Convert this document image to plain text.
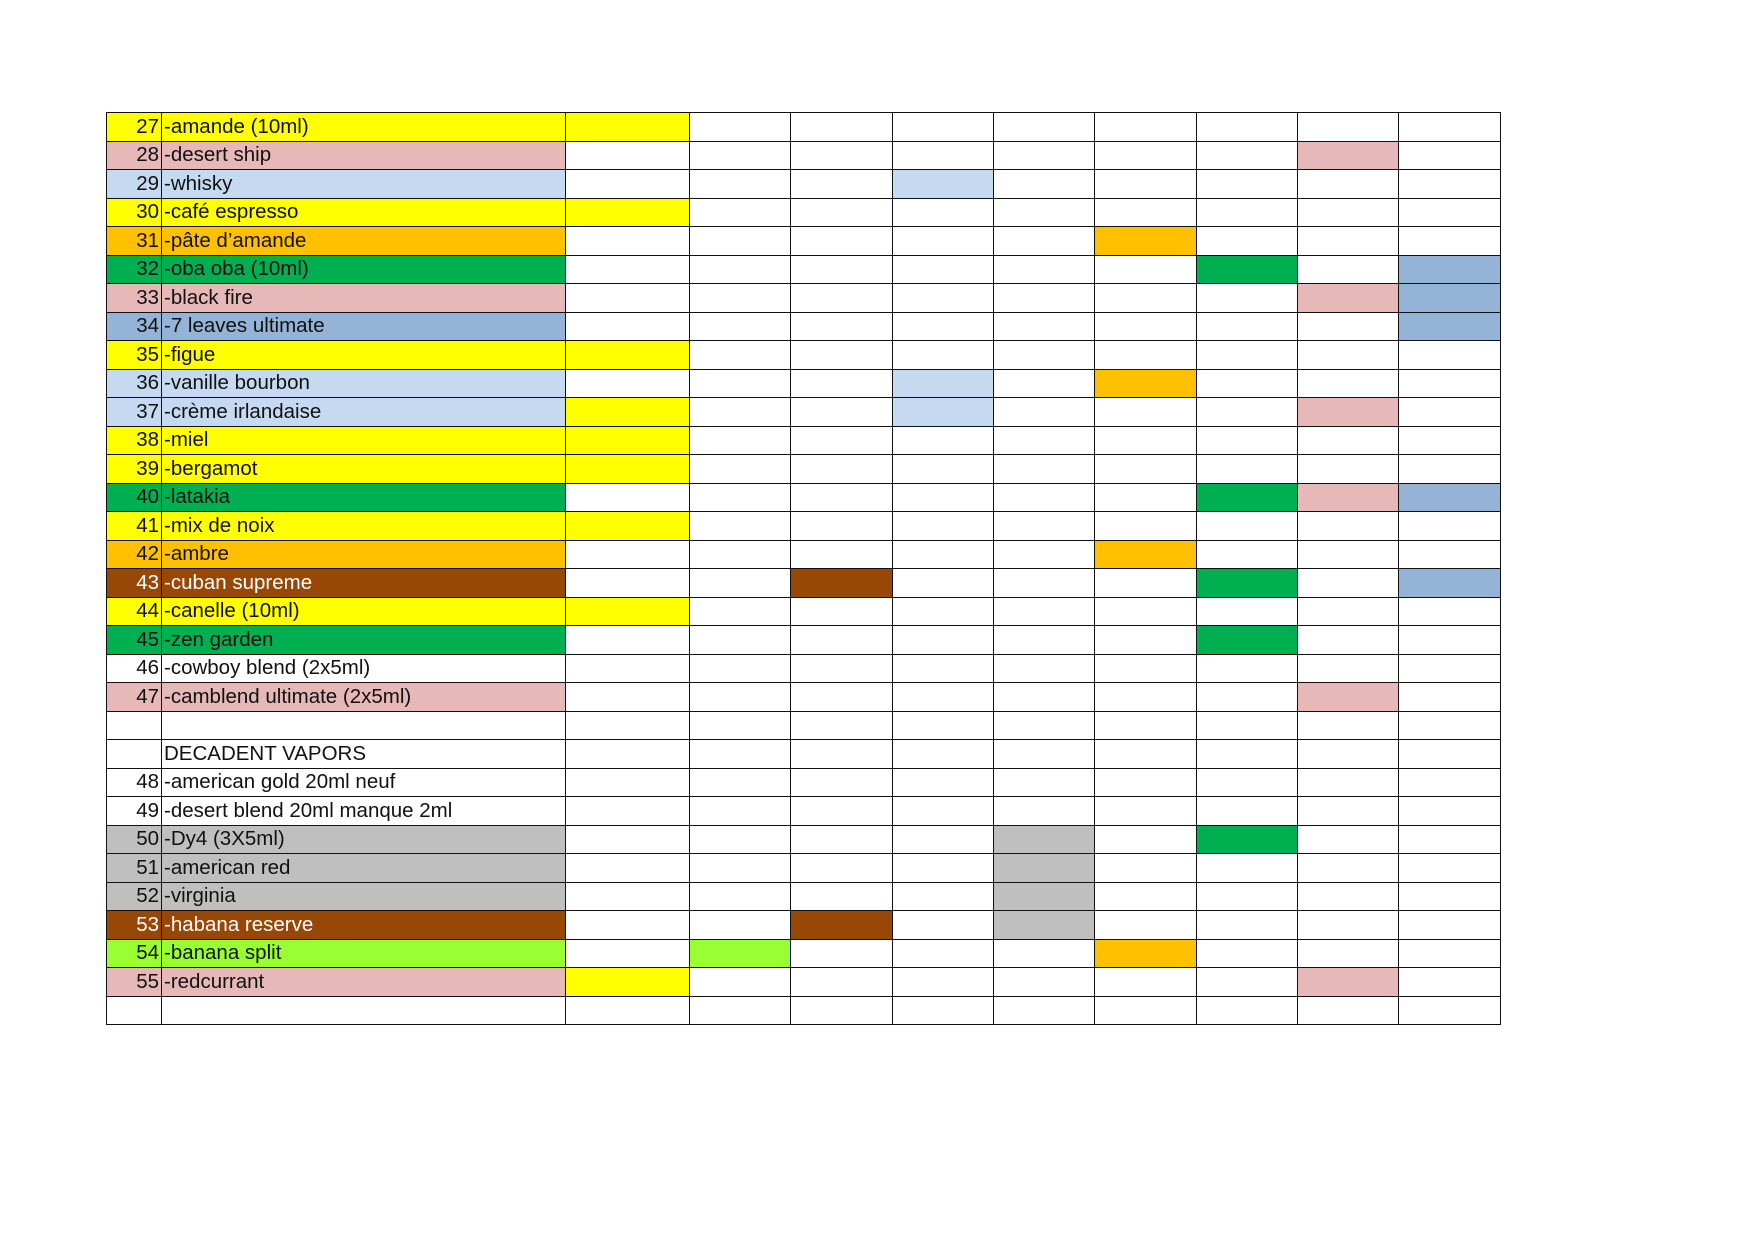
27	-amande (10ml)									
28	-desert ship									
29	-whisky									
30	-café espresso									
31	-pâte d’amande									
32	-oba oba (10ml)									
33	-black fire									
34	-7 leaves ultimate									
35	-figue									
36	-vanille bourbon									
37	-crème irlandaise									
38	-miel									
39	-bergamot									
40	-latakia									
41	-mix de noix									
42	-ambre									
43	-cuban supreme									
44	-canelle (10ml)									
45	-zen garden									
46	-cowboy blend (2x5ml)									
47	-camblend ultimate (2x5ml)									

	DECADENT VAPORS									
48	-american gold 20ml neuf									
49	-desert blend 20ml manque 2ml									
50	-Dy4 (3X5ml)									
51	-american red									
52	-virginia									
53	-habana reserve									
54	-banana split									
55	-redcurrant									
